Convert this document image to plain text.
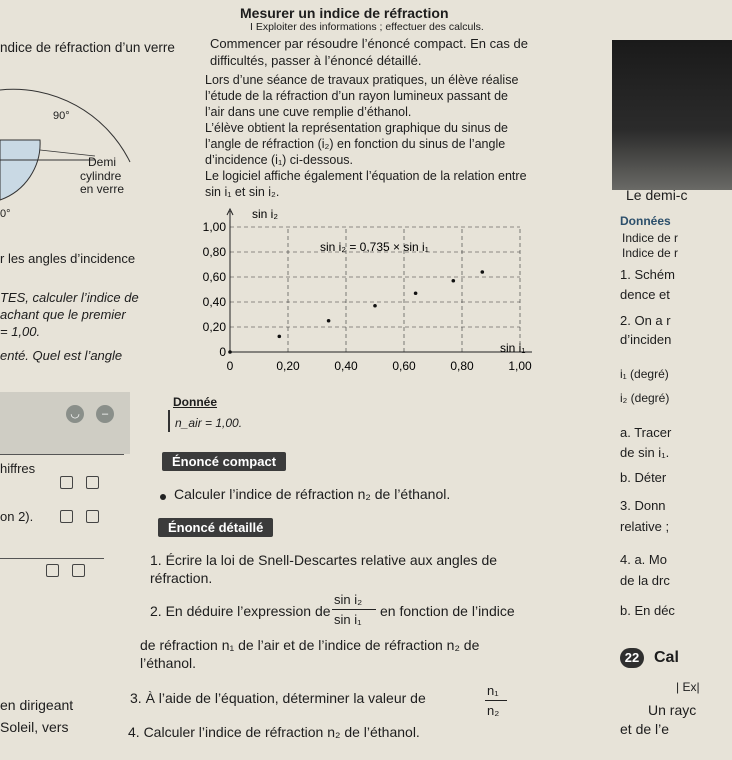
ndice de réfraction d’un verre
90°
Demi
cylindre
en verre
0°
r les angles d’incidence
TES, calculer l’indice de
achant que le premier
= 1,00.
enté. Quel est l’angle
◡	–
hiffres
on 2).
en dirigeant
Soleil, vers
Mesurer un indice de réfraction
I Exploiter des informations ; effectuer des calculs.
Commencer par résoudre l’énoncé compact. En cas de
difficultés, passer à l’énoncé détaillé.
Lors d’une séance de travaux pratiques, un élève réalise
l’étude de la réfraction d’un rayon lumineux passant de
l’air dans une cuve remplie d’éthanol.
L’élève obtient la représentation graphique du sinus de
l’angle de réfraction (i₂) en fonction du sinus de l’angle
d’incidence (i₁) ci-dessous.
Le logiciel affiche également l’équation de la relation entre
sin i₁ et sin i₂.
0
0,20
0,40
0,60
0,80
1,00
0	0,20	0,40	0,60	0,80	1,00
sin i₂
sin i₁
sin i₂ = 0,735 × sin i₁
Donnée
n_air = 1,00.
Énoncé compact
Calculer l’indice de réfraction n₂ de l’éthanol.
Énoncé détaillé
1. Écrire la loi de Snell-Descartes relative aux angles de
réfraction.
2. En déduire l’expression de
sin i₂
sin i₁
en fonction de l’indice
de réfraction n₁ de l’air et de l’indice de réfraction n₂ de
l’éthanol.
3. À l’aide de l’équation, déterminer la valeur de	n₁
n₂
4. Calculer l’indice de réfraction n₂ de l’éthanol.
Le demi-c
Données
Indice de r
Indice de r
1. Schém
dence et
2. On a r
d’inciden
i₁ (degré)
i₂ (degré)
a. Tracer
de sin i₁.
b. Déter
3. Donn
relative ;
4. a. Mo
de la drc
b. En déc
22 Cal
| Ex|
Un rayc
et de l’e
